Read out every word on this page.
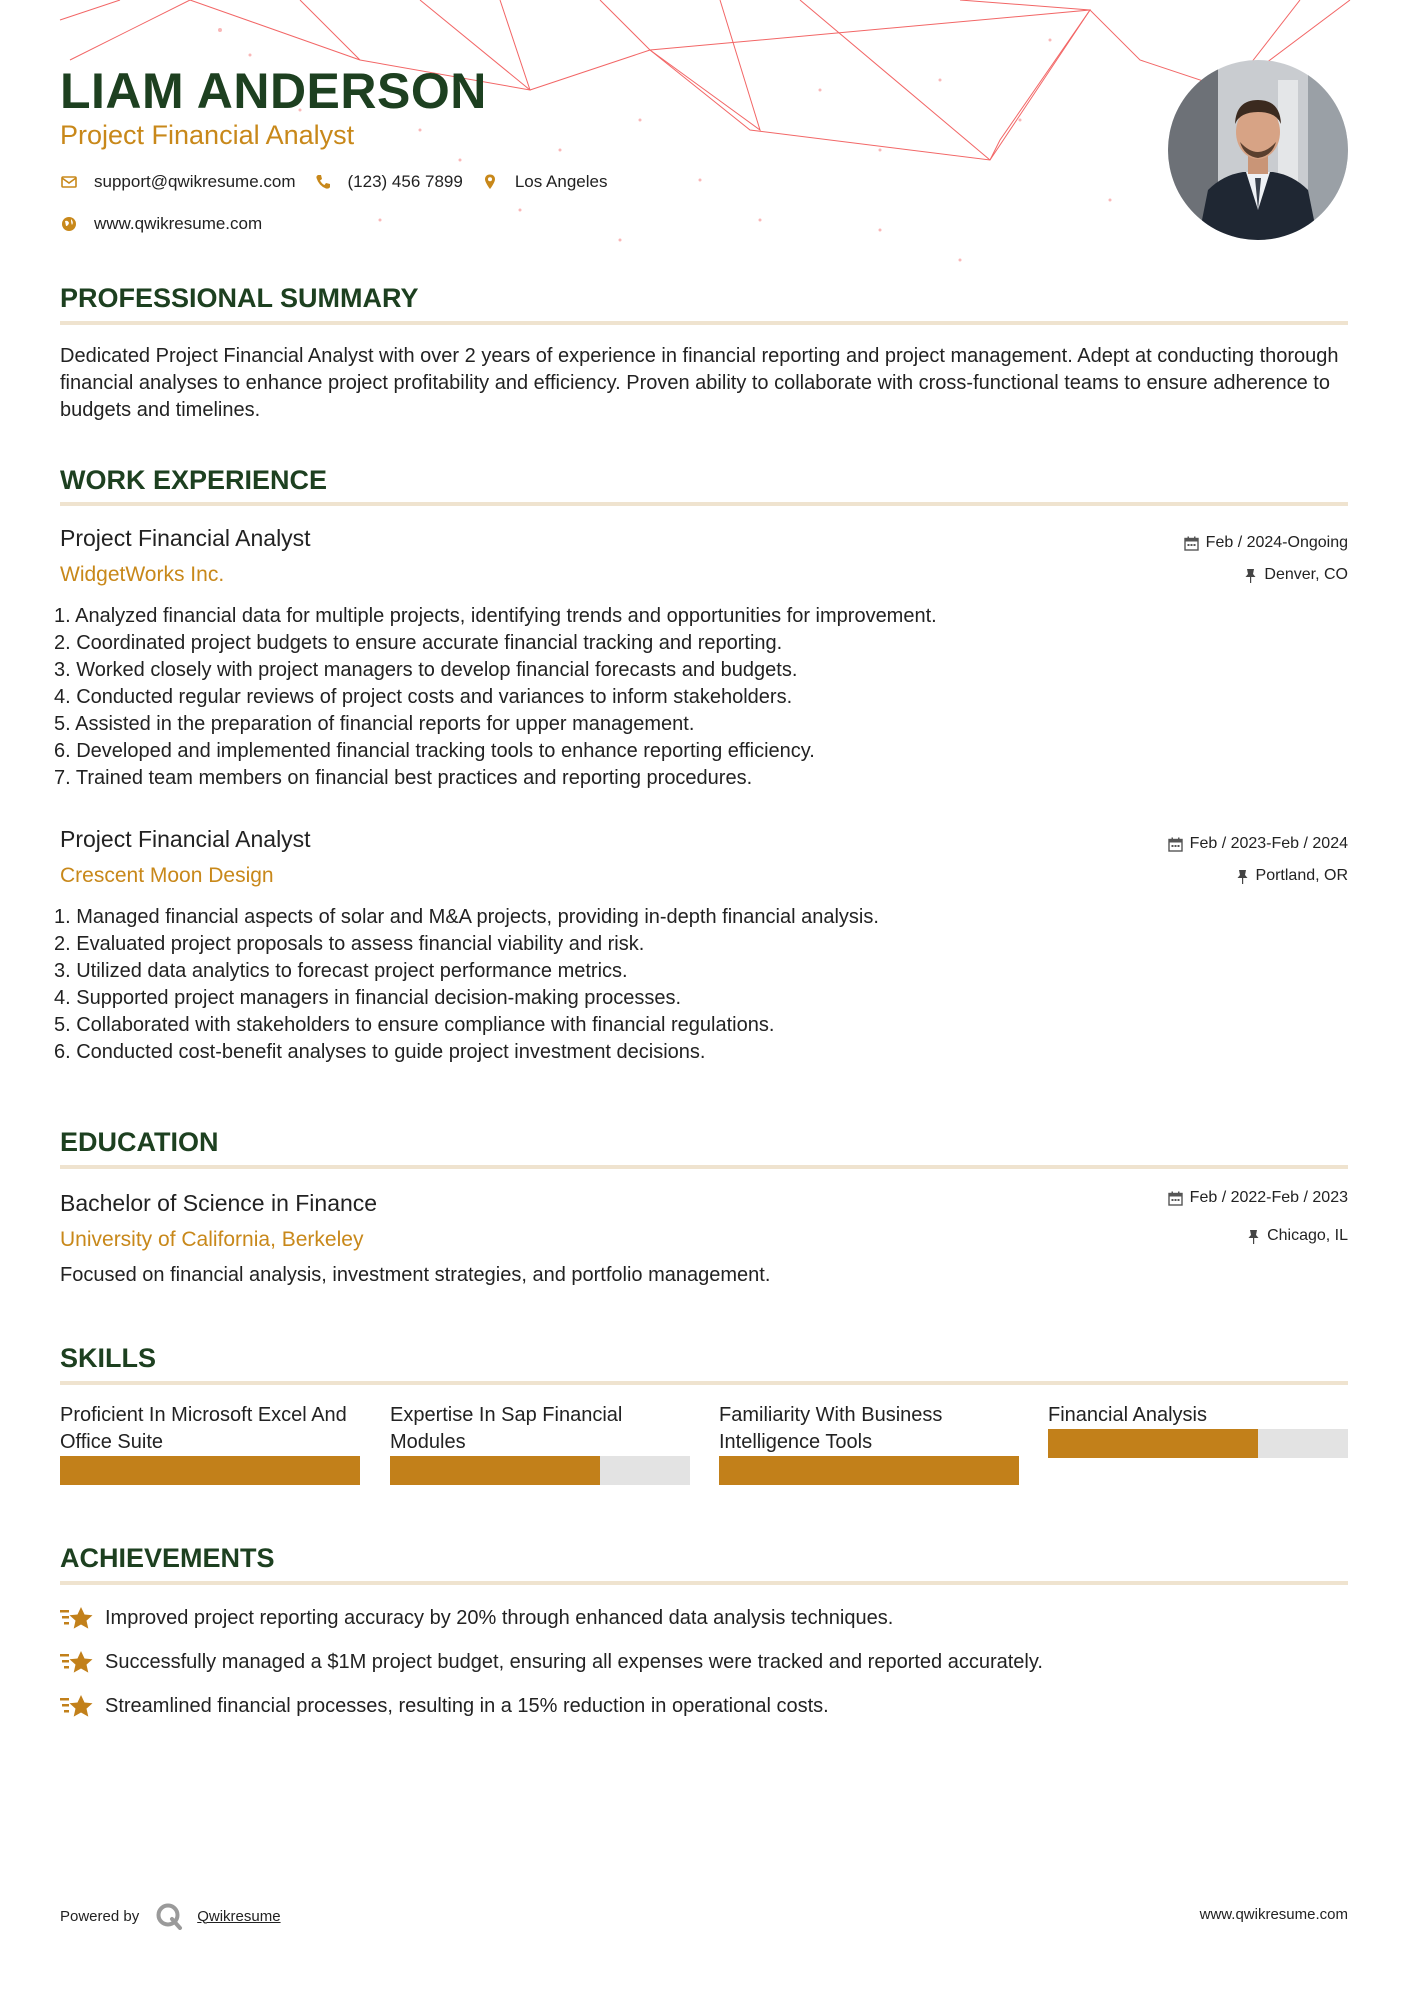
LIAM ANDERSON
Project Financial Analyst
support@qwikresume.com	(123) 456 7899	Los Angeles
www.qwikresume.com
PROFESSIONAL SUMMARY
Dedicated Project Financial Analyst with over 2 years of experience in financial reporting and project management. Adept at conducting thorough financial analyses to enhance project profitability and efficiency. Proven ability to collaborate with cross-functional teams to ensure adherence to budgets and timelines.
WORK EXPERIENCE
Project Financial Analyst
WidgetWorks Inc.
Feb / 2024-Ongoing
Denver, CO
1. Analyzed financial data for multiple projects, identifying trends and opportunities for improvement.
2. Coordinated project budgets to ensure accurate financial tracking and reporting.
3. Worked closely with project managers to develop financial forecasts and budgets.
4. Conducted regular reviews of project costs and variances to inform stakeholders.
5. Assisted in the preparation of financial reports for upper management.
6. Developed and implemented financial tracking tools to enhance reporting efficiency.
7. Trained team members on financial best practices and reporting procedures.
Project Financial Analyst
Crescent Moon Design
Feb / 2023-Feb / 2024
Portland, OR
1. Managed financial aspects of solar and M&A projects, providing in-depth financial analysis.
2. Evaluated project proposals to assess financial viability and risk.
3. Utilized data analytics to forecast project performance metrics.
4. Supported project managers in financial decision-making processes.
5. Collaborated with stakeholders to ensure compliance with financial regulations.
6. Conducted cost-benefit analyses to guide project investment decisions.
EDUCATION
Bachelor of Science in Finance
University of California, Berkeley
Feb / 2022-Feb / 2023
Chicago, IL
Focused on financial analysis, investment strategies, and portfolio management.
SKILLS
Proficient In Microsoft Excel And Office Suite
Expertise In Sap Financial Modules
Familiarity With Business Intelligence Tools
Financial Analysis
ACHIEVEMENTS
Improved project reporting accuracy by 20% through enhanced data analysis techniques.
Successfully managed a $1M project budget, ensuring all expenses were tracked and reported accurately.
Streamlined financial processes, resulting in a 15% reduction in operational costs.
Powered by	Qwikresume	www.qwikresume.com
